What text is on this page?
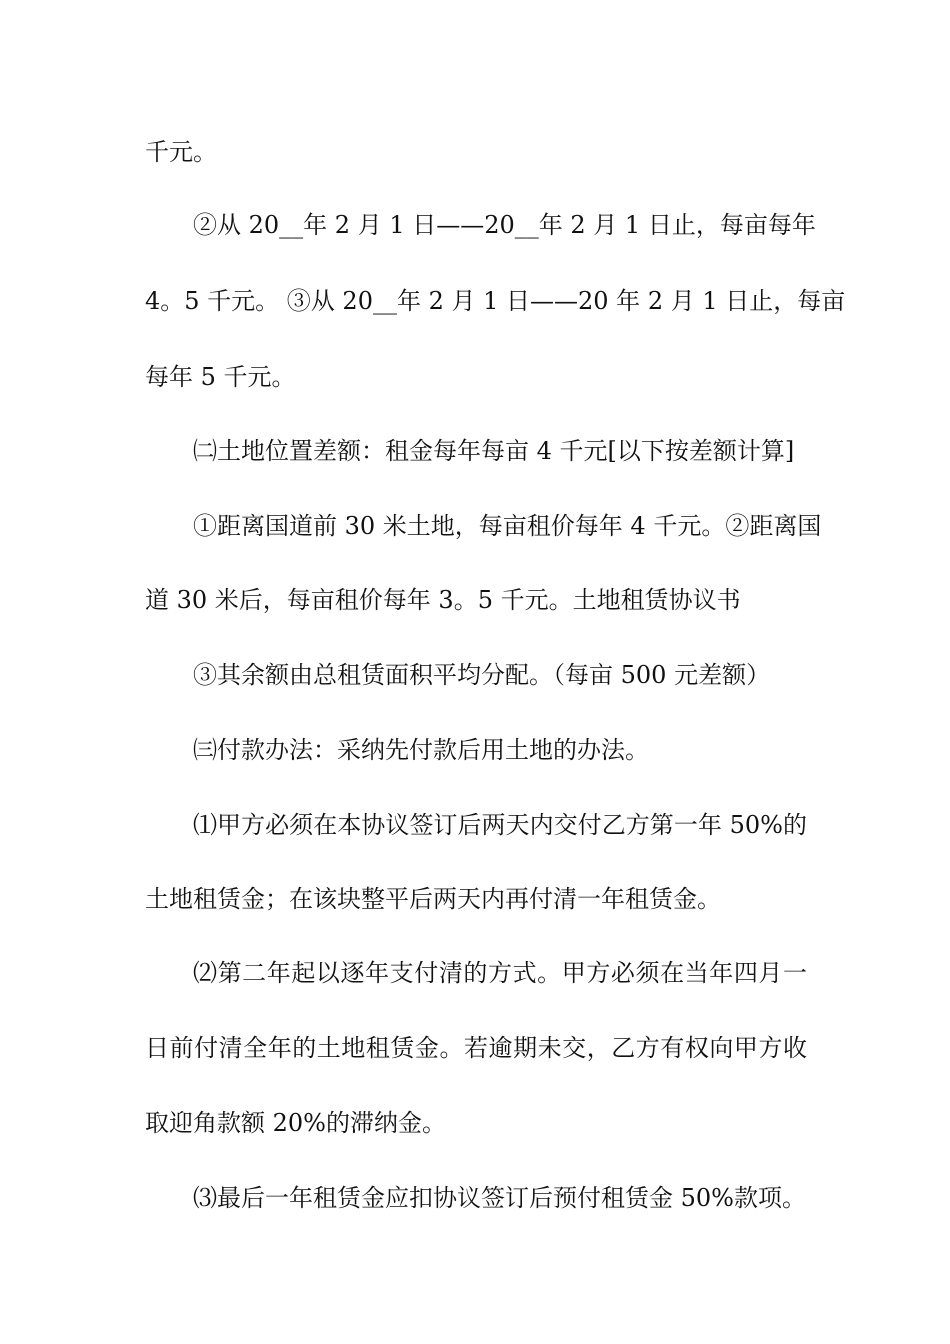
千元。
②从 20__年 2 月 1 日——20__年 2 月 1 日止，每亩每年
4。5 千元。 ③从 20__年 2 月 1 日——20 年 2 月 1 日止，每亩
每年 5 千元。
㈡土地位置差额：租金每年每亩 4 千元[以下按差额计算]
①距离国道前 30 米土地，每亩租价每年 4 千元。②距离国
道 30 米后，每亩租价每年 3。5 千元。土地租赁协议书
③其余额由总租赁面积平均分配。（每亩 500 元差额）
㈢付款办法：采纳先付款后用土地的办法。
⑴甲方必须在本协议签订后两天内交付乙方第一年 50%的
土地租赁金；在该块整平后两天内再付清一年租赁金。
⑵第二年起以逐年支付清的方式。甲方必须在当年四月一
日前付清全年的土地租赁金。若逾期未交，乙方有权向甲方收
取迎角款额 20%的滞纳金。
⑶最后一年租赁金应扣协议签订后预付租赁金 50%款项。
